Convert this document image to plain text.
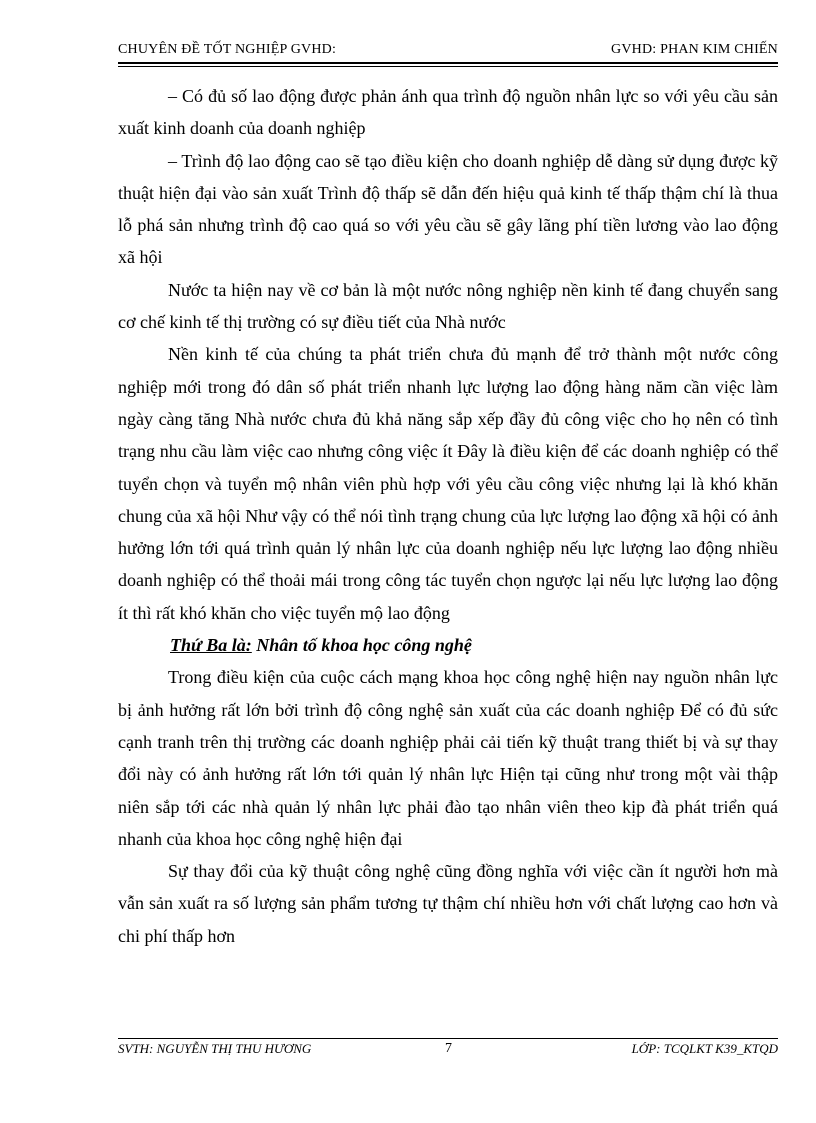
CHUYÊN ĐỀ TỐT NGHIỆP GVHD:	GVHD: PHAN KIM CHIẾN

– Có đủ số lao động được phản ánh qua trình độ nguồn nhân lực so với yêu cầu sản xuất kinh doanh của doanh nghiệp

– Trình độ lao động cao sẽ tạo điều kiện cho doanh nghiệp dễ dàng sử dụng được kỹ thuật hiện đại vào sản xuất Trình độ thấp sẽ dẫn đến hiệu quả kinh tế thấp thậm chí là thua lỗ phá sản nhưng trình độ cao quá so với yêu cầu sẽ gây lãng phí tiền lương vào lao động xã hội

Nước ta hiện nay về cơ bản là một nước nông nghiệp nền kinh tế đang chuyển sang cơ chế kinh tế thị trường có sự điều tiết của Nhà nước

Nền kinh tế của chúng ta phát triển chưa đủ mạnh để trở thành một nước công nghiệp mới trong đó dân số phát triển nhanh lực lượng lao động hàng năm cần việc làm ngày càng tăng Nhà nước chưa đủ khả năng sắp xếp đầy đủ công việc cho họ nên có tình trạng nhu cầu làm việc cao nhưng công việc ít Đây là điều kiện để các doanh nghiệp có thể tuyển chọn và tuyển mộ nhân viên phù hợp với yêu cầu công việc nhưng lại là khó khăn chung của xã hội Như vậy có thể nói tình trạng chung của lực lượng lao động xã hội có ảnh hưởng lớn tới quá trình quản lý nhân lực của doanh nghiệp nếu lực lượng lao động nhiều doanh nghiệp có thể thoải mái trong công tác tuyển chọn ngược lại nếu lực lượng lao động ít thì rất khó khăn cho việc tuyển mộ lao động

Thứ Ba là: Nhân tố khoa học công nghệ

Trong điều kiện của cuộc cách mạng khoa học công nghệ hiện nay nguồn nhân lực bị ảnh hưởng rất lớn bởi trình độ công nghệ sản xuất của các doanh nghiệp Để có đủ sức cạnh tranh trên thị trường các doanh nghiệp phải cải tiến kỹ thuật trang thiết bị và sự thay đổi này có ảnh hưởng rất lớn tới quản lý nhân lực Hiện tại cũng như trong một vài thập niên sắp tới các nhà quản lý nhân lực phải đào tạo nhân viên theo kịp đà phát triển quá nhanh của khoa học công nghệ hiện đại

Sự thay đổi của kỹ thuật công nghệ cũng đồng nghĩa với việc cần ít người hơn mà vẫn sản xuất ra số lượng sản phẩm tương tự thậm chí nhiều hơn với chất lượng cao hơn và chi phí thấp hơn

SVTH: NGUYỄN THỊ THU HƯƠNG	7	LỚP: TCQLKT K39_KTQD
